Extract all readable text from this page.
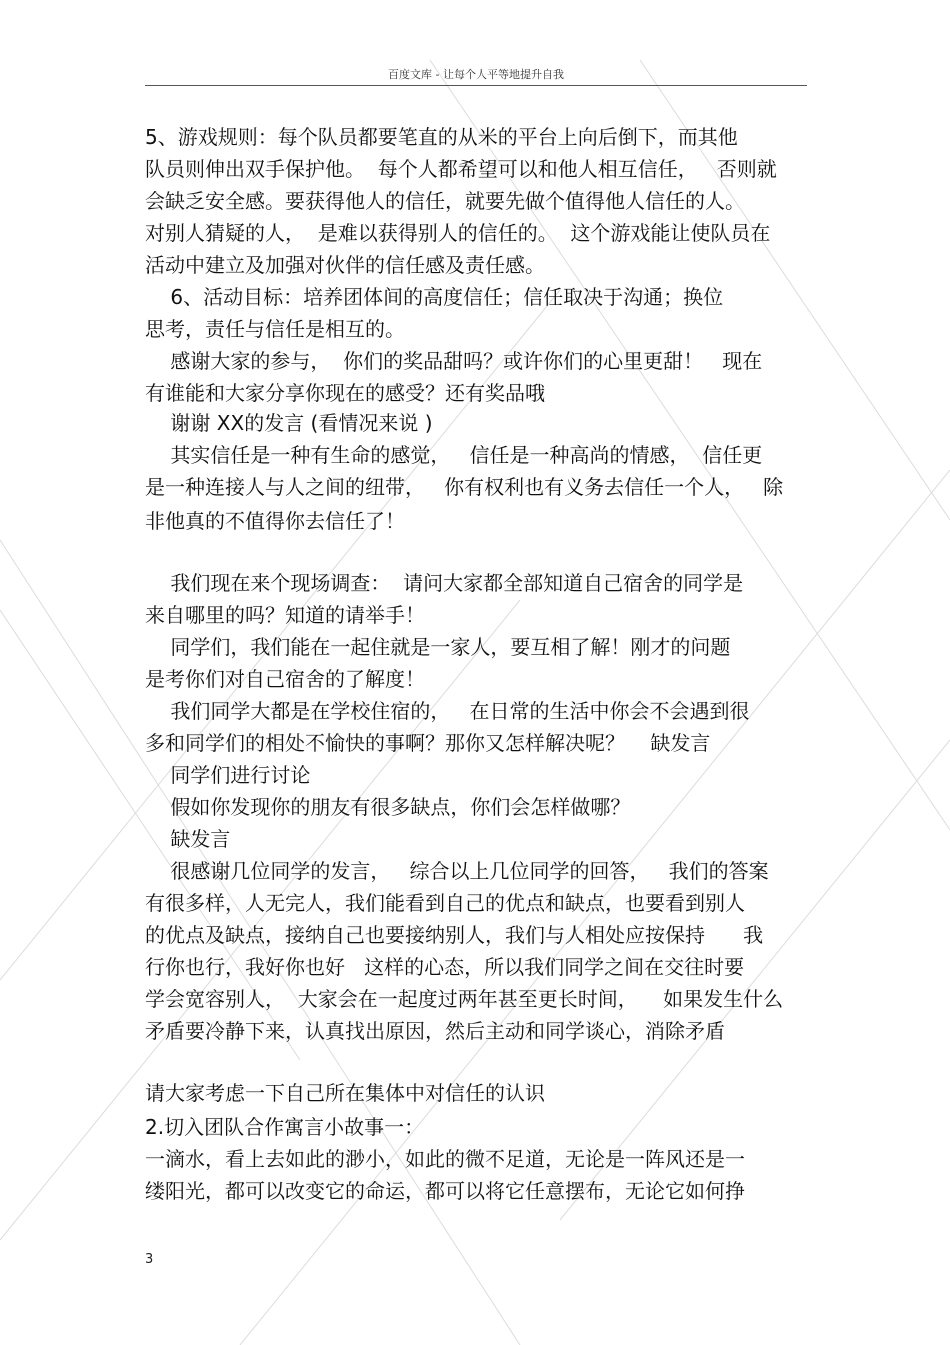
百度文库 - 让每个人平等地提升自我
5、游戏规则：每个队员都要笔直的从米的平台上向后倒下，而其他
队员则伸出双手保护他。  每个人都希望可以和他人相互信任，   否则就
会缺乏安全感。要获得他人的信任，就要先做个值得他人信任的人。
对别人猜疑的人，  是难以获得别人的信任的。  这个游戏能让使队员在
活动中建立及加强对伙伴的信任感及责任感。
6、活动目标：培养团体间的高度信任；信任取决于沟通；换位
思考，责任与信任是相互的。
感谢大家的参与，  你们的奖品甜吗？或许你们的心里更甜！   现在
有谁能和大家分享你现在的感受？还有奖品哦
谢谢 XX的发言 (看情况来说 )
其实信任是一种有生命的感觉，   信任是一种高尚的情感，  信任更
是一种连接人与人之间的纽带，   你有权利也有义务去信任一个人，   除
非他真的不值得你去信任了！
我们现在来个现场调查：  请问大家都全部知道自己宿舍的同学是
来自哪里的吗？知道的请举手！
同学们，我们能在一起住就是一家人，要互相了解！刚才的问题
是考你们对自己宿舍的了解度！
我们同学大都是在学校住宿的，   在日常的生活中你会不会遇到很
多和同学们的相处不愉快的事啊？那你又怎样解决呢？    缺发言
同学们进行讨论
假如你发现你的朋友有很多缺点，你们会怎样做哪？
缺发言
很感谢几位同学的发言，   综合以上几位同学的回答，   我们的答案
有很多样，人无完人，我们能看到自己的优点和缺点，也要看到别人
的优点及缺点，接纳自己也要接纳别人，我们与人相处应按保持      我
行你也行，我好你也好   这样的心态，所以我们同学之间在交往时要
学会宽容别人，  大家会在一起度过两年甚至更长时间，    如果发生什么
矛盾要冷静下来，认真找出原因，然后主动和同学谈心，消除矛盾
请大家考虑一下自己所在集体中对信任的认识
2.切入团队合作寓言小故事一：
一滴水，看上去如此的渺小，如此的微不足道，无论是一阵风还是一
缕阳光，都可以改变它的命运，都可以将它任意摆布，无论它如何挣
3
